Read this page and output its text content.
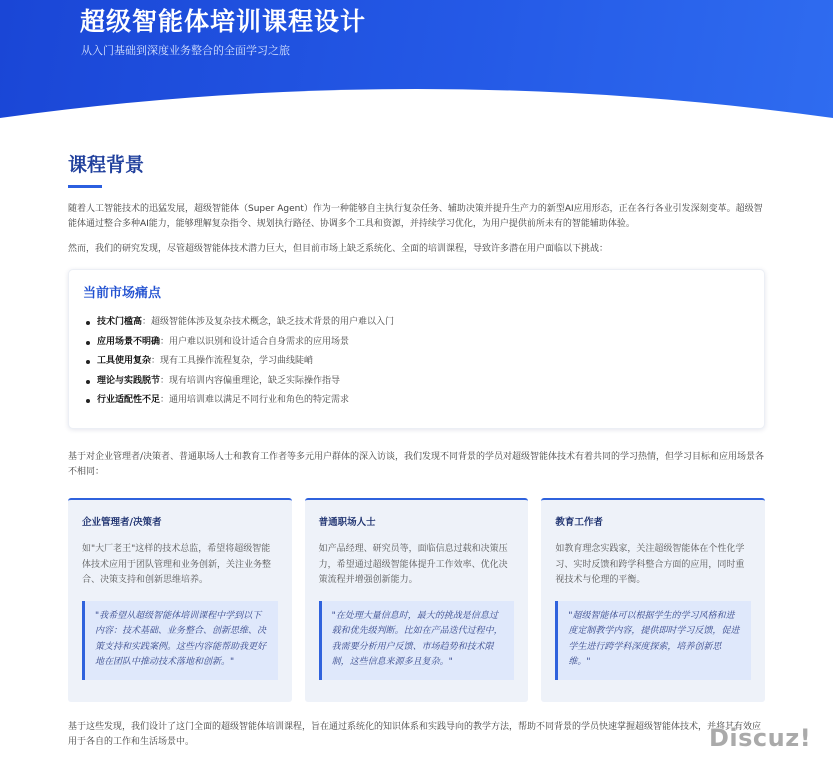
超级智能体培训课程设计

从入门基础到深度业务整合的全面学习之旅

课程背景

随着人工智能技术的迅猛发展，超级智能体（Super Agent）作为一种能够自主执行复杂任务、辅助决策并提升生产力的新型AI应用形态，正在各行各业引发深刻变革。超级智能体通过整合多种AI能力，能够理解复杂指令、规划执行路径、协调多个工具和资源，并持续学习优化，为用户提供前所未有的智能辅助体验。

然而，我们的研究发现，尽管超级智能体技术潜力巨大，但目前市场上缺乏系统化、全面的培训课程，导致许多潜在用户面临以下挑战：

当前市场痛点
技术门槛高：超级智能体涉及复杂技术概念，缺乏技术背景的用户难以入门
应用场景不明确：用户难以识别和设计适合自身需求的应用场景
工具使用复杂：现有工具操作流程复杂，学习曲线陡峭
理论与实践脱节：现有培训内容偏重理论，缺乏实际操作指导
行业适配性不足：通用培训难以满足不同行业和角色的特定需求

基于对企业管理者/决策者、普通职场人士和教育工作者等多元用户群体的深入访谈，我们发现不同背景的学员对超级智能体技术有着共同的学习热情，但学习目标和应用场景各不相同：

企业管理者/决策者

如"大厂老王"这样的技术总监，希望将超级智能体技术应用于团队管理和业务创新，关注业务整合、决策支持和创新思维培养。

"我希望从超级智能体培训课程中学到以下内容：技术基础、业务整合、创新思维、决策支持和实践案例。这些内容能帮助我更好地在团队中推动技术落地和创新。"
普通职场人士

如产品经理、研究员等，面临信息过载和决策压力，希望通过超级智能体提升工作效率、优化决策流程并增强创新能力。

"在处理大量信息时，最大的挑战是信息过载和优先级判断。比如在产品迭代过程中，我需要分析用户反馈、市场趋势和技术限制，这些信息来源多且复杂。"
教育工作者

如教育理念实践家，关注超级智能体在个性化学习、实时反馈和跨学科整合方面的应用，同时重视技术与伦理的平衡。

"超级智能体可以根据学生的学习风格和进度定制教学内容，提供即时学习反馈，促进学生进行跨学科深度探索，培养创新思维。"

基于这些发现，我们设计了这门全面的超级智能体培训课程，旨在通过系统化的知识体系和实践导向的教学方法，帮助不同背景的学员快速掌握超级智能体技术，并将其有效应用于各自的工作和生活场景中。	Discuz!
